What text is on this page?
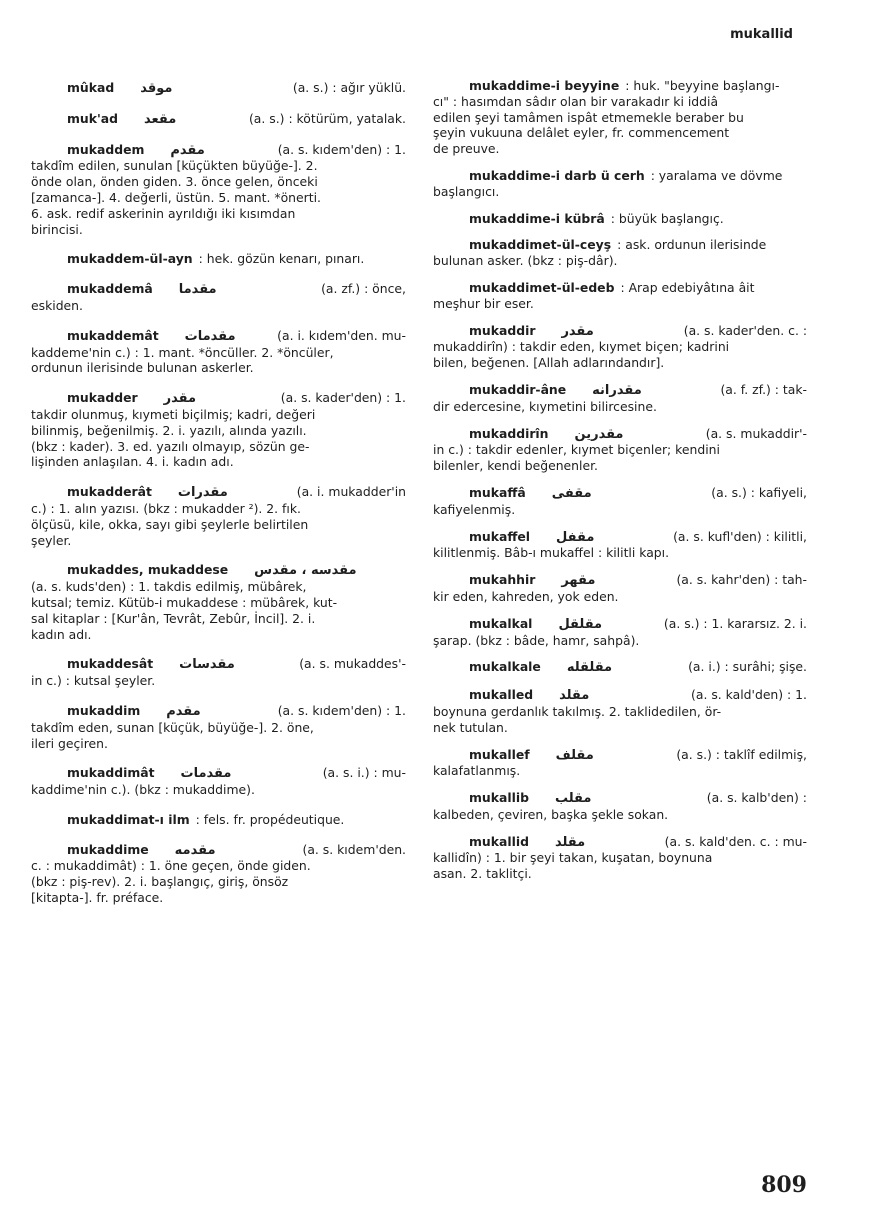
mukallid
mûkad موقد	(a. s.) : ağır yüklü.
muk'ad مقعد	(a. s.) : kötürüm, yatalak.
mukaddem مقدم	(a. s. kıdem'den) : 1.
takdîm edilen, sunulan [küçükten büyüğe-]. 2.
önde olan, önden giden. 3. önce gelen, önceki
[zamanca-]. 4. değerli, üstün. 5. mant. *önerti.
6. ask. redif askerinin ayrıldığı iki kısımdan
birincisi.
mukaddem-ül-ayn : hek. gözün kenarı, pınarı.
mukaddemâ مقدما	(a. zf.) : önce,
eskiden.
mukaddemât مقدمات	(a. i. kıdem'den. mu-
kaddeme'nin c.) : 1. mant. *öncüller. 2. *öncüler,
ordunun ilerisinde bulunan askerler.
mukadder مقدر	(a. s. kader'den) : 1.
takdir olunmuş, kıymeti biçilmiş; kadri, değeri
bilinmiş, beğenilmiş. 2. i. yazılı, alında yazılı.
(bkz : kader). 3. ed. yazılı olmayıp, sözün ge-
lişinden anlaşılan. 4. i. kadın adı.
mukadderât مقدرات	(a. i. mukadder'in
c.) : 1. alın yazısı. (bkz : mukadder ²). 2. fık.
ölçüsü, kile, okka, sayı gibi şeylerle belirtilen
şeyler.
mukaddes, mukaddese مقدسه ، مقدس
(a. s. kuds'den) : 1. takdis edilmiş, mübârek,
kutsal; temiz. Kütüb-i mukaddese : mübârek, kut-
sal kitaplar : [Kur'ân, Tevrât, Zebûr, İncil]. 2. i.
kadın adı.
mukaddesât مقدسات	(a. s. mukaddes'-
in c.) : kutsal şeyler.
mukaddim مقدم	(a. s. kıdem'den) : 1.
takdîm eden, sunan [küçük, büyüğe-]. 2. öne,
ileri geçiren.
mukaddimât مقدمات	(a. s. i.) : mu-
kaddime'nin c.). (bkz : mukaddime).
mukaddimat-ı ilm : fels. fr. propédeutique.
mukaddime مقدمه	(a. s. kıdem'den.
c. : mukaddimât) : 1. öne geçen, önde giden.
(bkz : piş-rev). 2. i. başlangıç, giriş, önsöz
[kitapta-]. fr. préface.
mukaddime-i beyyine : huk. "beyyine başlangı-
cı" : hasımdan sâdır olan bir varakadır ki iddiâ
edilen şeyi tamâmen ispât etmemekle beraber bu
şeyin vukuuna delâlet eyler, fr. commencement
de preuve.
mukaddime-i darb ü cerh : yaralama ve dövme
başlangıcı.
mukaddime-i kübrâ : büyük başlangıç.
mukaddimet-ül-ceyş : ask. ordunun ilerisinde
bulunan asker. (bkz : piş-dâr).
mukaddimet-ül-edeb : Arap edebiyâtına âit
meşhur bir eser.
mukaddir مقدر	(a. s. kader'den. c. :
mukaddirîn) : takdir eden, kıymet biçen; kadrini
bilen, beğenen. [Allah adlarındandır].
mukaddir-âne مقدرانه	(a. f. zf.) : tak-
dir edercesine, kıymetini bilircesine.
mukaddirîn مقدرين	(a. s. mukaddir'-
in c.) : takdir edenler, kıymet biçenler; kendini
bilenler, kendi beğenenler.
mukaffâ مقفى	(a. s.) : kafiyeli,
kafiyelenmiş.
mukaffel مقفل	(a. s. kufl'den) : kilitli,
kilitlenmiş. Bâb-ı mukaffel : kilitli kapı.
mukahhir مقهر	(a. s. kahr'den) : tah-
kir eden, kahreden, yok eden.
mukalkal مقلقل	(a. s.) : 1. kararsız. 2. i.
şarap. (bkz : bâde, hamr, sahpâ).
mukalkale مقلقله	(a. i.) : surâhi; şişe.
mukalled مقلد	(a. s. kald'den) : 1.
boynuna gerdanlık takılmış. 2. taklidedilen, ör-
nek tutulan.
mukallef مقلف	(a. s.) : taklîf edilmiş,
kalafatlanmış.
mukallib مقلب	(a. s. kalb'den) :
kalbeden, çeviren, başka şekle sokan.
mukallid مقلد	(a. s. kald'den. c. : mu-
kallidîn) : 1. bir şeyi takan, kuşatan, boynuna
asan. 2. taklitçi.
809
